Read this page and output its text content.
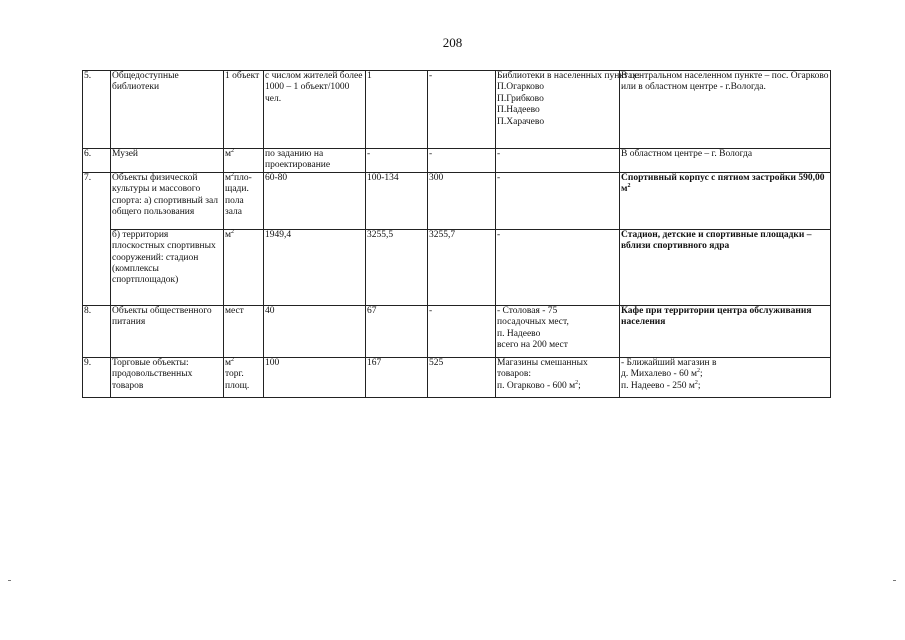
208
5.	Общедоступные библиотеки	1 объект	с числом жителей более 1000 – 1 объект/1000 чел.	1	-	Библиотеки в населенных пунктах:
П.Огарково
П.Грибково
П.Надеево
П.Харачево	В центральном населенном пункте – пос. Огарково или в областном центре - г.Вологда.
6.	Музей	$м^2$	по заданию на проектирование	-	-	-	В областном центре – г. Вологда
7.	Объекты физической культуры и массового спорта: а) спортивный зал общего пользования	$м^2пло$-щади. пола зала	60-80	100-134	300	-	Спортивный корпус с пятиом застройки 590,00 $м^2$
	б) территория плоскостных спортивных сооружений: стадион (комплексы спортплощадок)	$м^2$	1949,4	3255,5	3255,7	-	Стадион, детские и спортивные площадки – вблизи спортивного ядра
8.	Объекты общественного питания	мест	40	67	-	- Столовая - 75
посадочных мест,
п. Надеево
всего на 200 мест	Кафе при территории центра обслуживания населения
9.	Торговые объекты: продовольственных товаров	$м^2$
торг.
площ.	100	167	525	Магазины смешанных
товаров:
п. Огарково - 600 $м^2$;	- Ближайший магазин в
д. Михалево - 60 $м^2$;
п. Надеево - 250 $м^2$;
